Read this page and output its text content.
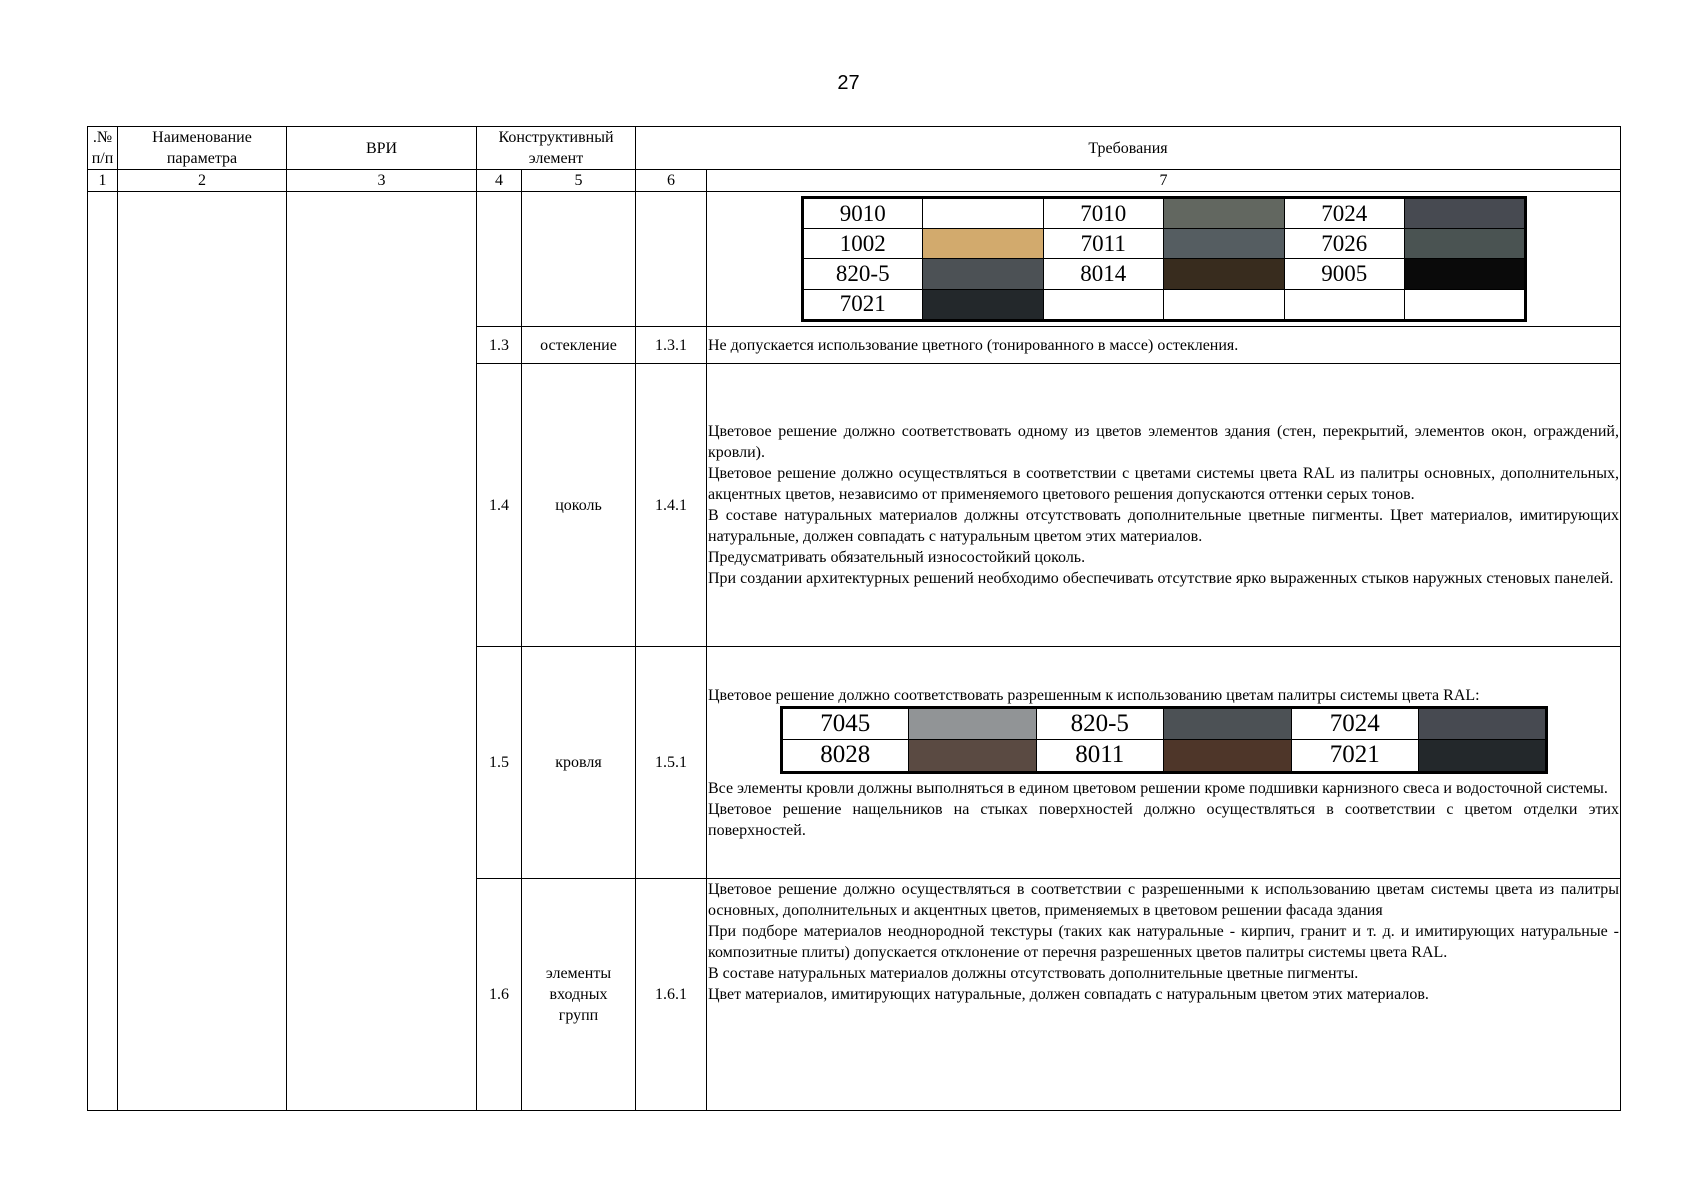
27
.№
п/п	Наименование
параметра	ВРИ	Конструктивный
элемент	Требования
1	2	3	4	5	6	7

9010		7010		7024	
1002		7011		7026	
820-5		8014		9005	
7021					

1.3	остекление	1.3.1	Не допускается использование цветного (тонированного в массе) остекления.

1.4	цоколь	1.4.1	

Цветовое решение должно соответствовать одному из цветов элементов здания (стен, перекрытий, элементов окон, ограждений, кровли).

Цветовое решение должно осуществляться в соответствии с цветами системы цвета RAL из палитры основных, дополнительных, акцентных цветов, независимо от применяемого цветового решения допускаются оттенки серых тонов.

В составе натуральных материалов должны отсутствовать дополнительные цветные пигменты. Цвет материалов, имитирующих натуральные, должен совпадать с натуральным цветом этих материалов.

Предусматривать обязательный износостойкий цоколь.

При создании архитектурных решений необходимо обеспечивать отсутствие ярко выраженных стыков наружных стеновых панелей.

1.5	кровля	1.5.1	

Цветовое решение должно соответствовать разрешенным к использованию цветам палитры системы цвета RAL:

7045		820-5		7024	
8028		8011		7021	

Все элементы кровли должны выполняться в едином цветовом решении кроме подшивки карнизного свеса и водосточной системы.

Цветовое решение нащельников на стыках поверхностей должно осуществляться в соответствии с цветом отделки этих поверхностей.

1.6	элементы
входных
групп	1.6.1	

Цветовое решение должно осуществляться в соответствии с разрешенными к использованию цветам системы цвета из палитры основных, дополнительных и акцентных цветов, применяемых в цветовом решении фасада здания

При подборе материалов неоднородной текстуры (таких как натуральные - кирпич, гранит и т. д. и имитирующих натуральные - композитные плиты) допускается отклонение от перечня разрешенных цветов палитры системы цвета RAL.

В составе натуральных материалов должны отсутствовать дополнительные цветные пигменты.

Цвет материалов, имитирующих натуральные, должен совпадать с натуральным цветом этих материалов.
